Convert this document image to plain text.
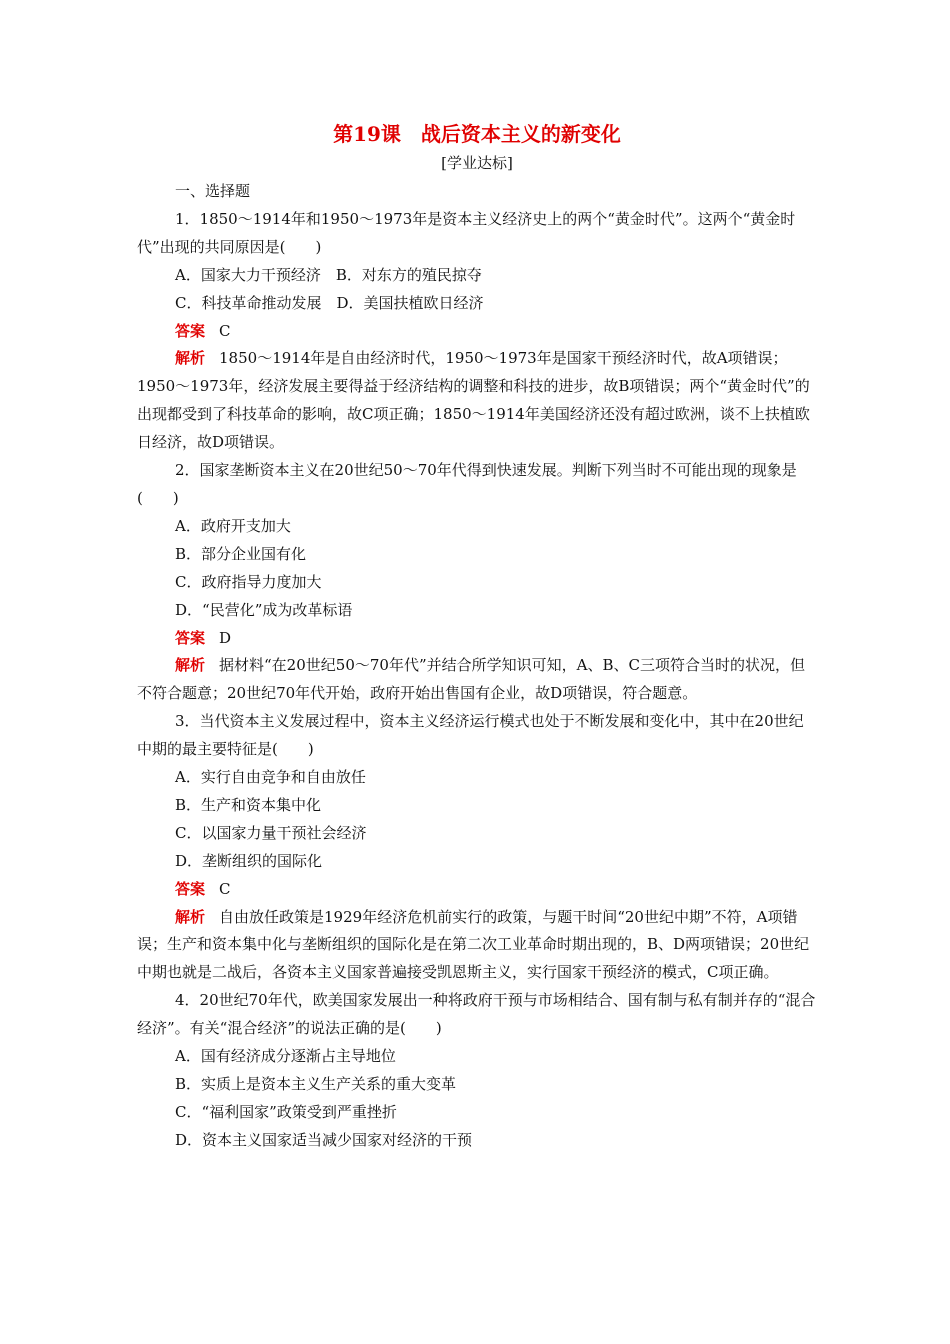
第19课　战后资本主义的新变化

[学业达标]

一、选择题

1．1850～1914年和1950～1973年是资本主义经济史上的两个“黄金时代”。这两个“黄金时代”出现的共同原因是(　　)

A．国家大力干预经济　B．对东方的殖民掠夺

C．科技革命推动发展　D．美国扶植欧日经济

答案 C

解析 1850～1914年是自由经济时代，1950～1973年是国家干预经济时代，故A项错误；1950～1973年，经济发展主要得益于经济结构的调整和科技的进步，故B项错误；两个“黄金时代”的出现都受到了科技革命的影响，故C项正确；1850～1914年美国经济还没有超过欧洲，谈不上扶植欧日经济，故D项错误。

2．国家垄断资本主义在20世纪50～70年代得到快速发展。判断下列当时不可能出现的现象是(　　)

A．政府开支加大

B．部分企业国有化

C．政府指导力度加大

D．“民营化”成为改革标语

答案 D

解析 据材料“在20世纪50～70年代”并结合所学知识可知，A、B、C三项符合当时的状况，但不符合题意；20世纪70年代开始，政府开始出售国有企业，故D项错误，符合题意。

3．当代资本主义发展过程中，资本主义经济运行模式也处于不断发展和变化中，其中在20世纪中期的最主要特征是(　　)

A．实行自由竞争和自由放任

B．生产和资本集中化

C．以国家力量干预社会经济

D．垄断组织的国际化

答案 C

解析 自由放任政策是1929年经济危机前实行的政策，与题干时间“20世纪中期”不符，A项错误；生产和资本集中化与垄断组织的国际化是在第二次工业革命时期出现的，B、D两项错误；20世纪中期也就是二战后，各资本主义国家普遍接受凯恩斯主义，实行国家干预经济的模式，C项正确。

4．20世纪70年代，欧美国家发展出一种将政府干预与市场相结合、国有制与私有制并存的“混合经济”。有关“混合经济”的说法正确的是(　　)

A．国有经济成分逐渐占主导地位

B．实质上是资本主义生产关系的重大变革

C．“福利国家”政策受到严重挫折

D．资本主义国家适当减少国家对经济的干预
